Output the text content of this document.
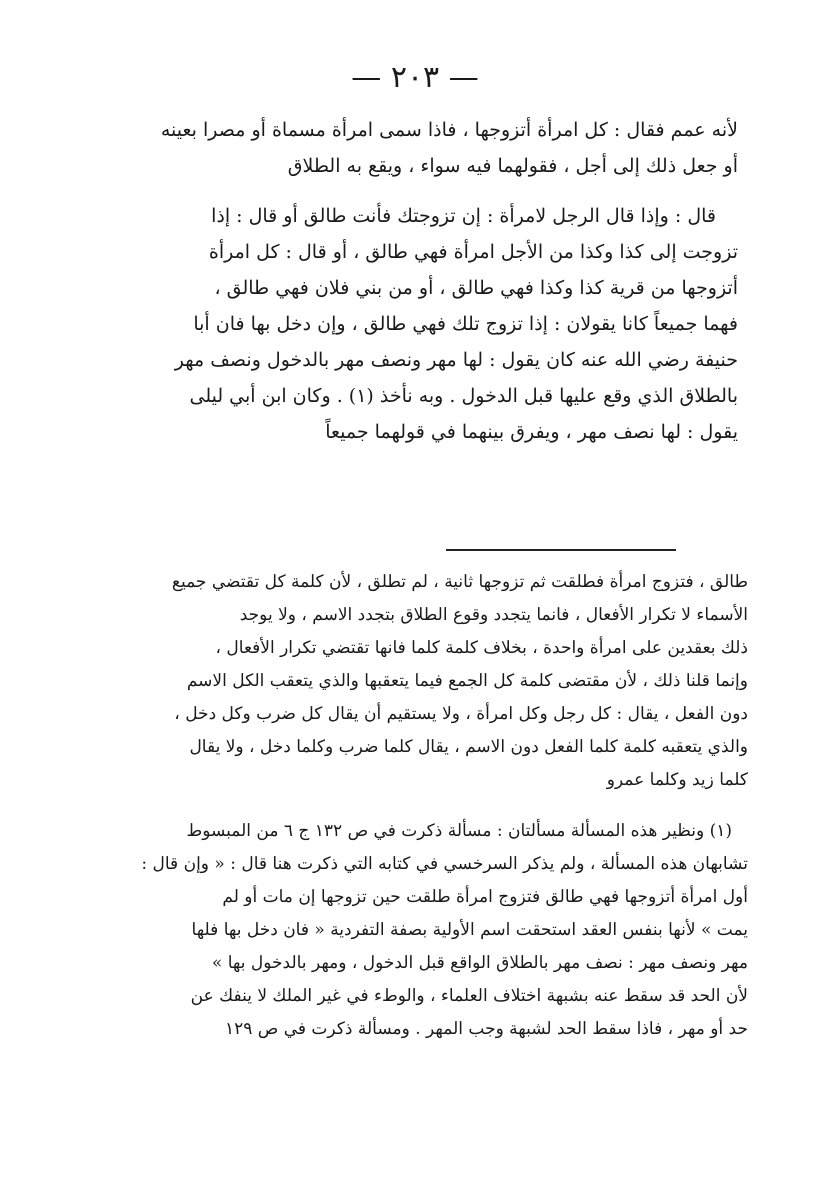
— ٢٠٣ —
لأنه عمم فقال : كل امرأة أتزوجها ، فاذا سمى امرأة مسماة أو مصرا بعينه
أو جعل ذلك إلى أجل ، فقولهما فيه سواء ، ويقع به الطلاق
قال : وإذا قال الرجل لامرأة : إن تزوجتك فأنت طالق أو قال : إذا
تزوجت إلى كذا وكذا من الأجل امرأة فهي طالق ، أو قال : كل امرأة
أتزوجها من قرية كذا وكذا فهي طالق ، أو من بني فلان فهي طالق ،
فهما جميعاً كانا يقولان : إذا تزوج تلك فهي طالق ، وإن دخل بها فان أبا
حنيفة رضي الله عنه كان يقول : لها مهر ونصف مهر بالدخول ونصف مهر
بالطلاق الذي وقع عليها قبل الدخول . وبه نأخذ (١) . وكان ابن أبي ليلى
يقول : لها نصف مهر ، ويفرق بينهما في قولهما جميعاً
طالق ، فتزوج امرأة فطلقت ثم تزوجها ثانية ، لم تطلق ، لأن كلمة كل تقتضي جميع
الأسماء لا تكرار الأفعال ، فانما يتجدد وقوع الطلاق بتجدد الاسم ، ولا يوجد
ذلك بعقدين على امرأة واحدة ، بخلاف كلمة كلما فانها تقتضي تكرار الأفعال ،
وإنما قلنا ذلك ، لأن مقتضى كلمة كل الجمع فيما يتعقبها والذي يتعقب الكل الاسم
دون الفعل ، يقال : كل رجل وكل امرأة ، ولا يستقيم أن يقال كل ضرب وكل دخل ،
والذي يتعقبه كلمة كلما الفعل دون الاسم ، يقال كلما ضرب وكلما دخل ، ولا يقال
كلما زيد وكلما عمرو
(١) ونظير هذه المسألة مسألتان : مسألة ذكرت في ص ١٣٢ ج ٦ من المبسوط
تشابهان هذه المسألة ، ولم يذكر السرخسي في كتابه التي ذكرت هنا قال : « وإن قال :
أول امرأة أتزوجها فهي طالق فتزوج امرأة طلقت حين تزوجها إن مات أو لم
يمت » لأنها بنفس العقد استحقت اسم الأولية بصفة التفردية « فان دخل بها فلها
مهر ونصف مهر : نصف مهر بالطلاق الواقع قبل الدخول ، ومهر بالدخول بها »
لأن الحد قد سقط عنه بشبهة اختلاف العلماء ، والوطء في غير الملك لا ينفك عن
حد أو مهر ، فاذا سقط الحد لشبهة وجب المهر . ومسألة ذكرت في ص ١٢٩
